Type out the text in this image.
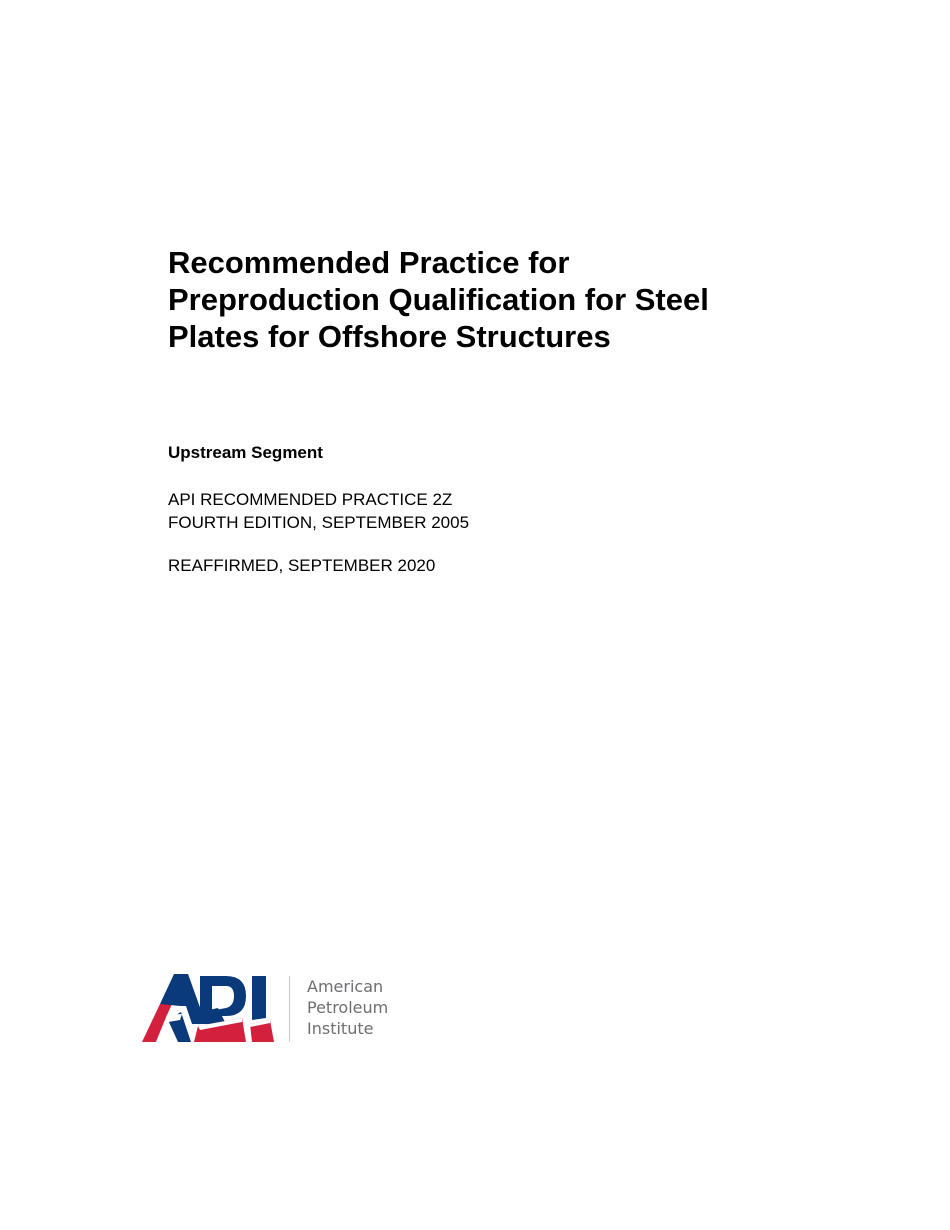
Recommended Practice for
Preproduction Qualification for Steel
Plates for Offshore Structures
Upstream Segment
API RECOMMENDED PRACTICE 2Z
FOURTH EDITION, SEPTEMBER 2005
REAFFIRMED, SEPTEMBER 2020
American
Petroleum
Institute
